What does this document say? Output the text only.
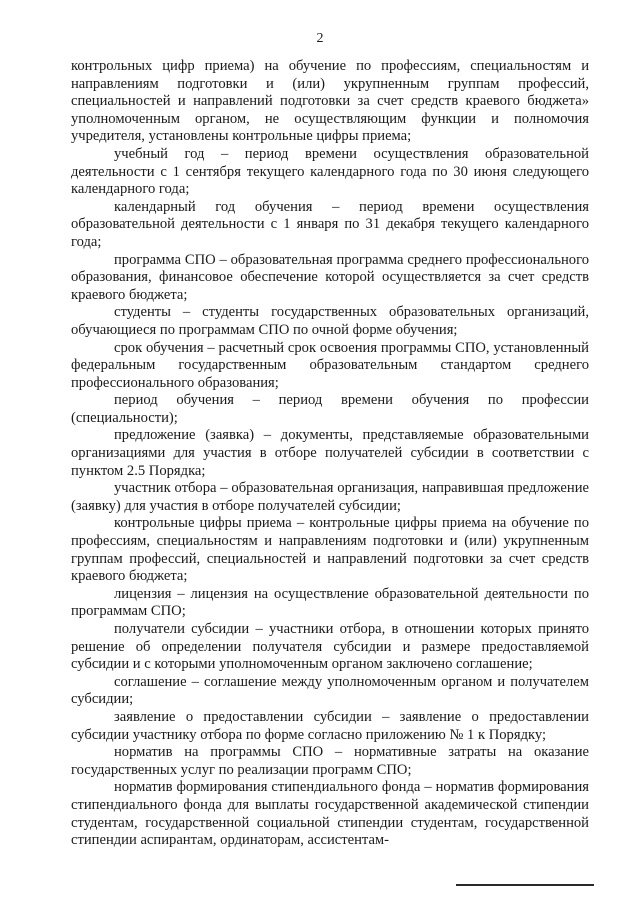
2

контрольных цифр приема) на обучение по профессиям, специальностям и направлениям подготовки и (или) укрупненным группам профессий, специальностей и направлений подготовки за счет средств краевого бюджета» уполномоченным органом, не осуществляющим функции и полномочия учредителя, установлены контрольные цифры приема;

учебный год – период времени осуществления образовательной деятельности с 1 сентября текущего календарного года по 30 июня следующего календарного года;

календарный год обучения – период времени осуществления образовательной деятельности с 1 января по 31 декабря текущего календарного года;

программа СПО – образовательная программа среднего профессионального образования, финансовое обеспечение которой осуществляется за счет средств краевого бюджета;

студенты – студенты государственных образовательных организаций, обучающиеся по программам СПО по очной форме обучения;

срок обучения – расчетный срок освоения программы СПО, установленный федеральным государственным образовательным стандартом среднего профессионального образования;

период обучения – период времени обучения по профессии (специальности);

предложение (заявка) – документы, представляемые образовательными организациями для участия в отборе получателей субсидии в соответствии с пунктом 2.5 Порядка;

участник отбора – образовательная организация, направившая предложение (заявку) для участия в отборе получателей субсидии;

контрольные цифры приема – контрольные цифры приема на обучение по профессиям, специальностям и направлениям подготовки и (или) укрупненным группам профессий, специальностей и направлений подготовки за счет средств краевого бюджета;

лицензия – лицензия на осуществление образовательной деятельности по программам СПО;

получатели субсидии – участники отбора, в отношении которых принято решение об определении получателя субсидии и размере предоставляемой субсидии и с которыми уполномоченным органом заключено соглашение;

соглашение – соглашение между уполномоченным органом и получателем субсидии;

заявление о предоставлении субсидии – заявление о предоставлении субсидии участнику отбора по форме согласно приложению № 1 к Порядку;

норматив на программы СПО – нормативные затраты на оказание государственных услуг по реализации программ СПО;

норматив формирования стипендиального фонда – норматив формирования стипендиального фонда для выплаты государственной академической стипендии студентам, государственной социальной стипендии студентам, государственной стипендии аспирантам, ординаторам, ассистентам-
